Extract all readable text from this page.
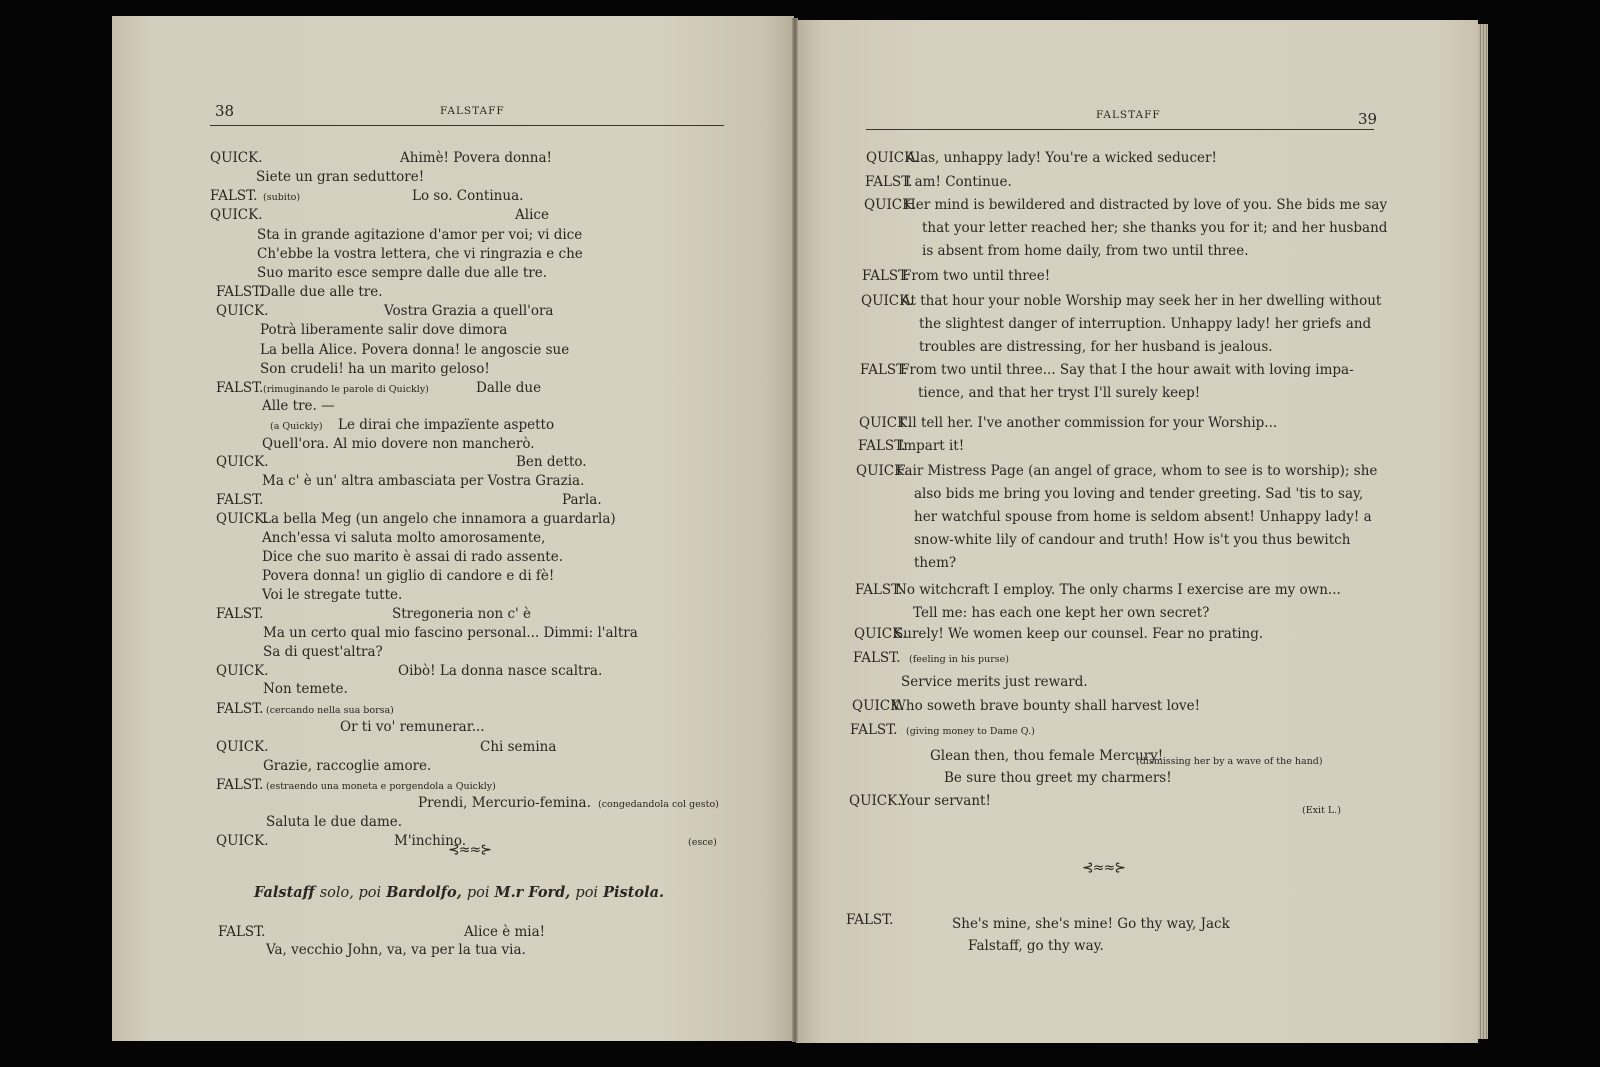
38	FALSTAFF
QUICK.	Ahimè! Povera donna!
Siete un gran seduttore!
FALST. (subito)	Lo so. Continua.
QUICK.	Alice
Sta in grande agitazione d'amor per voi; vi dice
Ch'ebbe la vostra lettera, che vi ringrazia e che
Suo marito esce sempre dalle due alle tre.
FALST.
Dalle due alle tre.
QUICK.	Vostra Grazia a quell'ora
Potrà liberamente salir dove dimora
La bella Alice. Povera donna! le angoscie sue
Son crudeli! ha un marito geloso!
FALST. (rimuginando le parole di Quickly)	Dalle due
Alle tre. —
(a Quickly) Le dirai che impazïente aspetto
Quell'ora. Al mio dovere non mancherò.
QUICK.	Ben detto.
Ma c' è un' altra ambasciata per Vostra Grazia.
FALST.	Parla.
QUICK.
La bella Meg (un angelo che innamora a guardarla)
Anch'essa vi saluta molto amorosamente,
Dice che suo marito è assai di rado assente.
Povera donna! un giglio di candore e di fè!
Voi le stregate tutte.
FALST.	Stregoneria non c' è
Ma un certo qual mio fascino personal... Dimmi: l'altra
Sa di quest'altra?
QUICK.	Oibò! La donna nasce scaltra.
Non temete.
FALST. (cercando nella sua borsa)
Or ti vo' remunerar...
QUICK.	Chi semina
Grazie, raccoglie amore.
FALST. (estraendo una moneta e porgendola a Quickly)
Prendi, Mercurio-femina. (congedandola col gesto)
Saluta le due dame.
QUICK.	M'inchino.	(esce)
⊰≈≈⊱
Falstaff solo, poi Bardolfo, poi M.r Ford, poi Pistola.
FALST.	Alice è mia!
Va, vecchio John, va, va per la tua via.
FALSTAFF	39
QUICK.
Alas, unhappy lady! You're a wicked seducer!
FALST.
I am! Continue.
QUICK.
Her mind is bewildered and distracted by love of you. She bids me say
that your letter reached her; she thanks you for it; and her husband
is absent from home daily, from two until three.
FALST.
From two until three!
QUICK.
At that hour your noble Worship may seek her in her dwelling without
the slightest danger of interruption. Unhappy lady! her griefs and
troubles are distressing, for her husband is jealous.
FALST.
From two until three... Say that I the hour await with loving impa-
tience, and that her tryst I'll surely keep!
QUICK.
I'll tell her. I've another commission for your Worship...
FALST.
Impart it!
QUICK.
Fair Mistress Page (an angel of grace, whom to see is to worship); she
also bids me bring you loving and tender greeting. Sad 'tis to say,
her watchful spouse from home is seldom absent! Unhappy lady! a
snow-white lily of candour and truth! How is't you thus bewitch
them?
FALST.
No witchcraft I employ. The only charms I exercise are my own...
Tell me: has each one kept her own secret?
QUICK.
Surely! We women keep our counsel. Fear no prating.
FALST. (feeling in his purse)
Service merits just reward.
QUICK.
Who soweth brave bounty shall harvest love!
FALST. (giving money to Dame Q.)
Glean then, thou female Mercury!
(dismissing her by a wave of the hand)
Be sure thou greet my charmers!
QUICK.
Your servant!
(Exit L.)
⊰≈≈⊱
FALST.	She's mine, she's mine! Go thy way, Jack
Falstaff, go thy way.
